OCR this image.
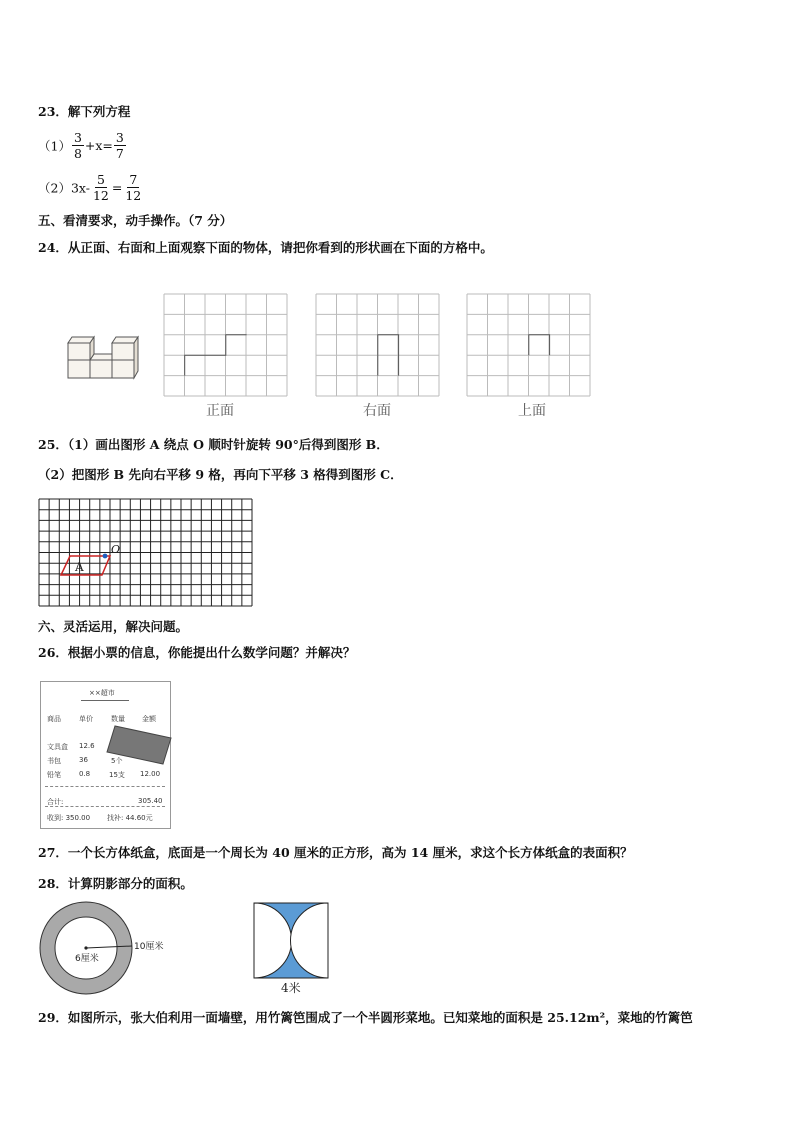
23．解下列方程
$(1) \frac{3}{8} +x= \frac{3}{7}$
$(2)3x- \frac{5}{12} = \frac{7}{12}$
五、看清要求，动手操作。（7 分）
24．从正面、右面和上面观察下面的物体，请把你看到的形状画在下面的方格中。
正面	右面	上面
25．（1）画出图形 A 绕点 O 顺时针旋转 90°后得到图形 B．
（2）把图形 B 先向右平移 9 格，再向下平移 3 格得到图形 C．
A
O
六、灵活运用，解决问题。
26．根据小票的信息，你能提出什么数学问题？并解决？
××超市
商品	单价	数量 金额
文具盒 12.6
书包	36	5个
铅笔	0.8	15支 12.00
合计:	305.40
收到: 350.00 找补: 44.60元
27．一个长方体纸盒，底面是一个周长为 40 厘米的正方形，高为 14 厘米，求这个长方体纸盒的表面积？
28．计算阴影部分的面积。
10厘米
6厘米
4米
29．如图所示，张大伯利用一面墙壁，用竹篱笆围成了一个半圆形菜地。已知菜地的面积是 25.12m²，菜地的竹篱笆
